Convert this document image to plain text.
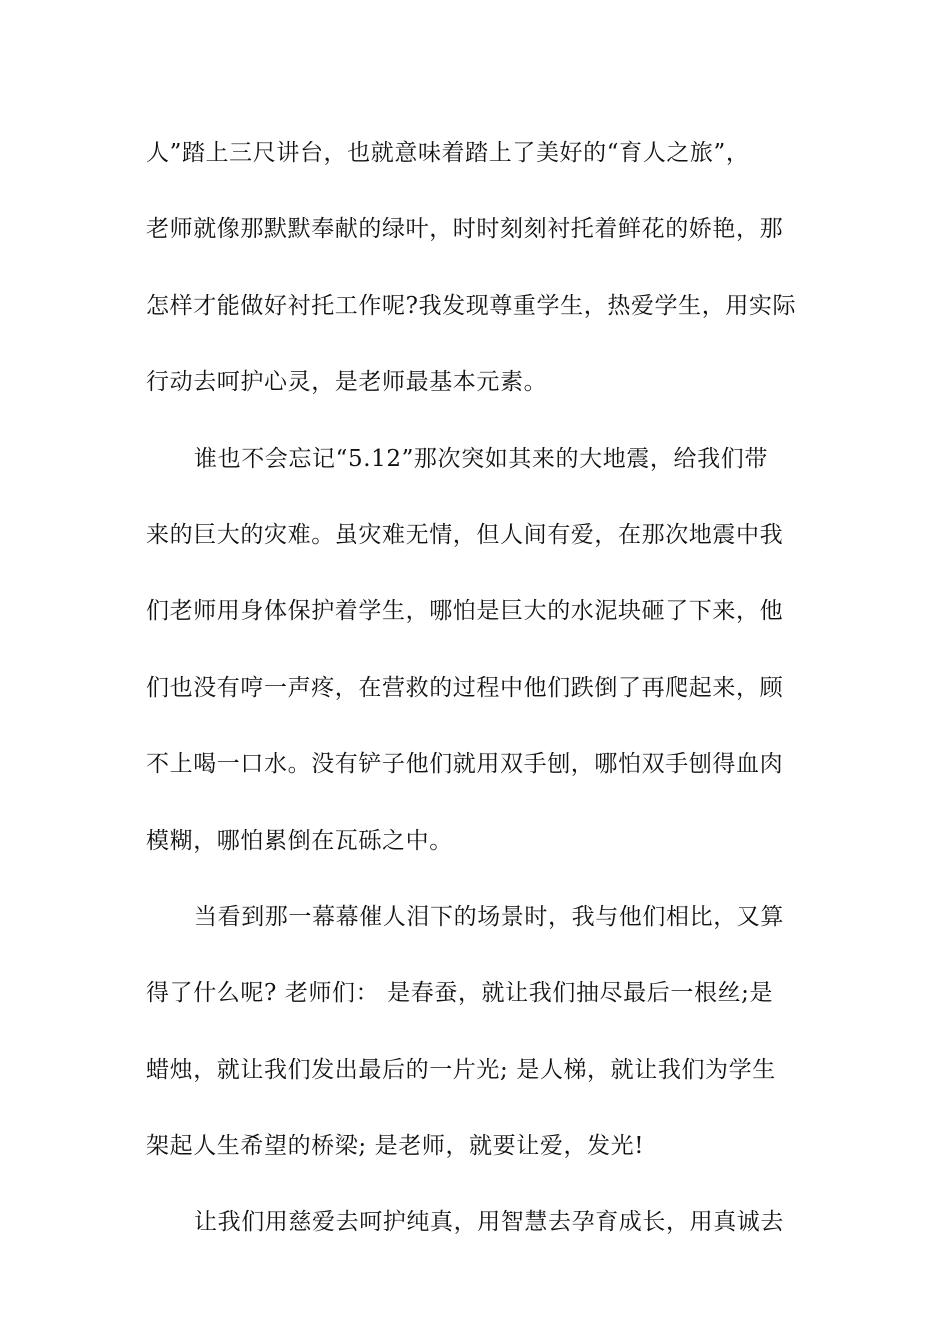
人”踏上三尺讲台，也就意味着踏上了美好的“育人之旅”，
老师就像那默默奉献的绿叶，时时刻刻衬托着鲜花的娇艳，那
怎样才能做好衬托工作呢?我发现尊重学生，热爱学生，用实际
行动去呵护心灵，是老师最基本元素。
谁也不会忘记“5.12”那次突如其来的大地震，给我们带
来的巨大的灾难。虽灾难无情，但人间有爱，在那次地震中我
们老师用身体保护着学生，哪怕是巨大的水泥块砸了下来，他
们也没有哼一声疼，在营救的过程中他们跌倒了再爬起来，顾
不上喝一口水。没有铲子他们就用双手刨，哪怕双手刨得血肉
模糊，哪怕累倒在瓦砾之中。
当看到那一幕幕催人泪下的场景时，我与他们相比，又算
得了什么呢? 老师们： 是春蚕，就让我们抽尽最后一根丝;是
蜡烛，就让我们发出最后的一片光; 是人梯，就让我们为学生
架起人生希望的桥梁; 是老师，就要让爱，发光!
让我们用慈爱去呵护纯真，用智慧去孕育成长，用真诚去
